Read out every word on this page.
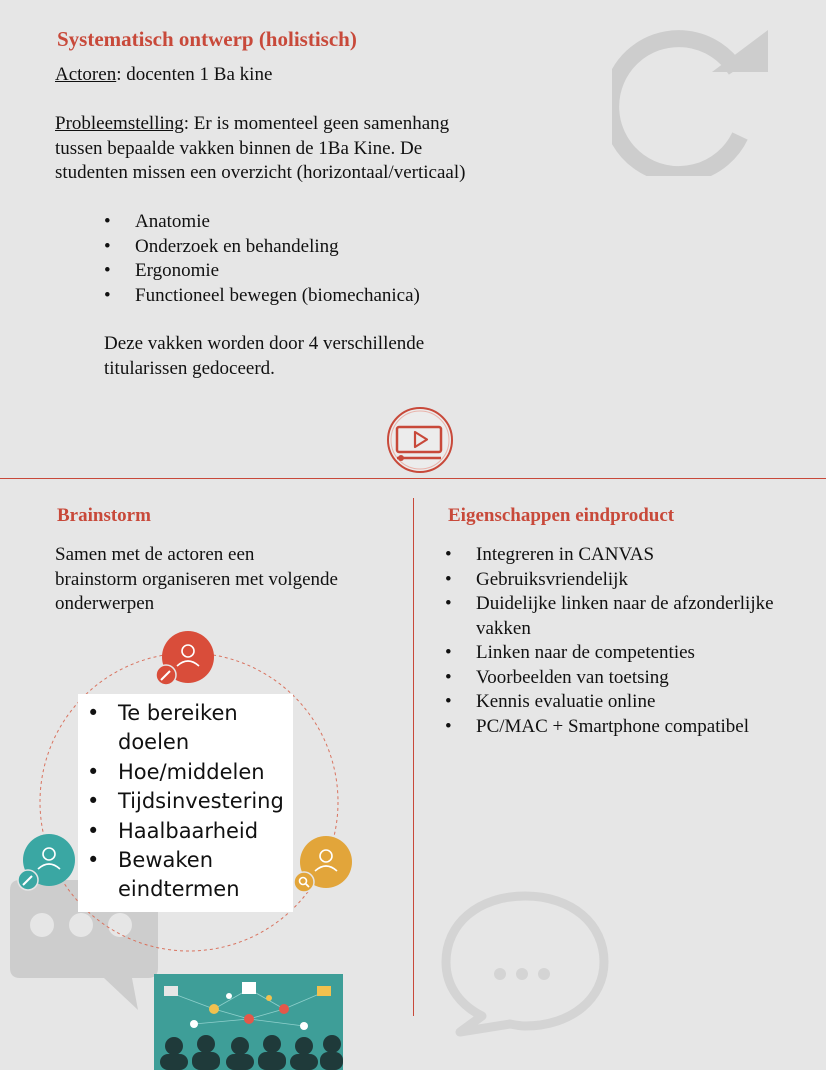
Systematisch ontwerp (holistisch)
Actoren: docenten 1 Ba kine
Probleemstelling: Er is momenteel geen samenhang
tussen bepaalde vakken binnen de 1Ba Kine. De
studenten missen een overzicht (horizontaal/verticaal)
• Anatomie
• Onderzoek en behandeling
• Ergonomie
• Functioneel bewegen (biomechanica)
Deze vakken worden door 4 verschillende
titularissen gedoceerd.
Brainstorm
Samen met de actoren een
brainstorm organiseren met volgende
onderwerpen
• Te bereiken
doelen
• Hoe/middelen
• Tijdsinvestering
• Haalbaarheid
• Bewaken
eindtermen
Eigenschappen eindproduct
• Integreren in CANVAS
• Gebruiksvriendelijk
• Duidelijke linken naar de afzonderlijke
vakken
• Linken naar de competenties
• Voorbeelden van toetsing
• Kennis evaluatie online
• PC/MAC + Smartphone compatibel
